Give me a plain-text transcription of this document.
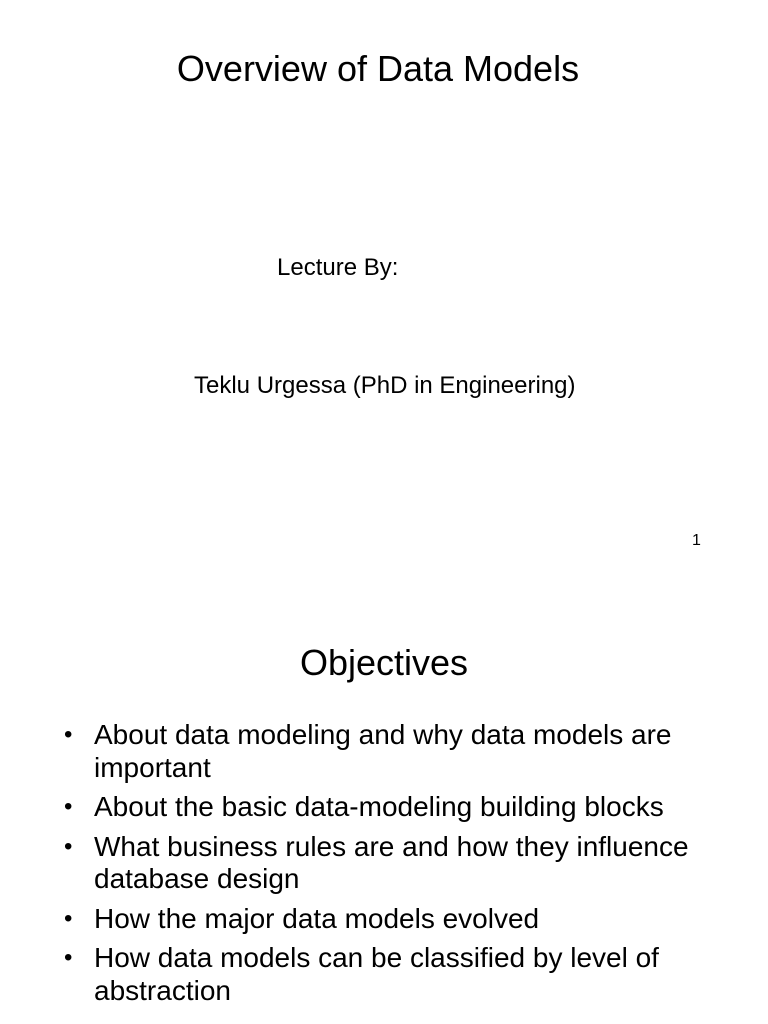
Overview of Data Models
Lecture By:
Teklu Urgessa (PhD in Engineering)
1
Objectives
• About data modeling and why data models are important
• About the basic data-modeling building blocks
• What business rules are and how they influence database design
• How the major data models evolved
• How data models can be classified by level of abstraction
